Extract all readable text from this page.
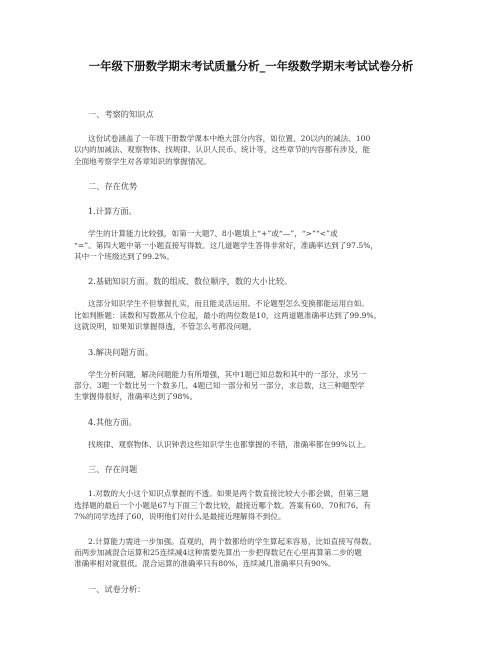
一年级下册数学期末考试质量分析_一年级数学期末考试试卷分析
一、考察的知识点
这份试卷涵盖了一年级下册数学课本中绝大部分内容，如位置、20以内的减法、100
以内的加减法、观察物体、找规律、认识人民币、统计等，这些章节的内容都有涉及，能
全面地考察学生对各章知识的掌握情况。
二、存在优势
1.计算方面。
学生的计算能力比较强，如第一大题7、8小题填上“+”或“—”，“>”“<”或
“=”。第四大题中第一小题直接写得数。这几道题学生答得非常好，准确率达到了97.5%，
其中一个班级达到了99.2%。
2.基础知识方面。数的组成、数位顺序，数的大小比较。
这部分知识学生不但掌握扎实，而且能灵活运用。不论题型怎么变换都能运用自如。
比如判断题：读数和写数都从个位起，最小的两位数是10，这两道题准确率达到了99.9%。
这就说明，如果知识掌握得透，不管怎么考都没问题。
3.解决问题方面。
学生分析问题，解决问题能力有所增强，其中1题已知总数和其中的一部分，求另一
部分、3题一个数比另一个数多几、4题已知一部分和另一部分，求总数，这三种题型学
生掌握得很好，准确率达到了98%。
4.其他方面。
找规律、观察物体、认识钟表这些知识学生也都掌握的不错，准确率都在99%以上。
三、存在问题
1.对数的大小这个知识点掌握的不透。如果是两个数直接比较大小都会做，但第三题
选择题的最后一个小题是67与下面三个数比较，最接近哪个数。答案有60、70和76。有
7%的同学选择了60，说明他们对什么是最接近理解得不到位。
2.计算能力需进一步加强。直观的，两个数都给的学生算起来容易，比如直接写得数。
而两步加减混合运算和25连续减4这种需要先算出一步把得数记在心里再算第二步的题
准确率相对就很低。混合运算的准确率只有80%，连续减几准确率只有90%。
一、试卷分析：
